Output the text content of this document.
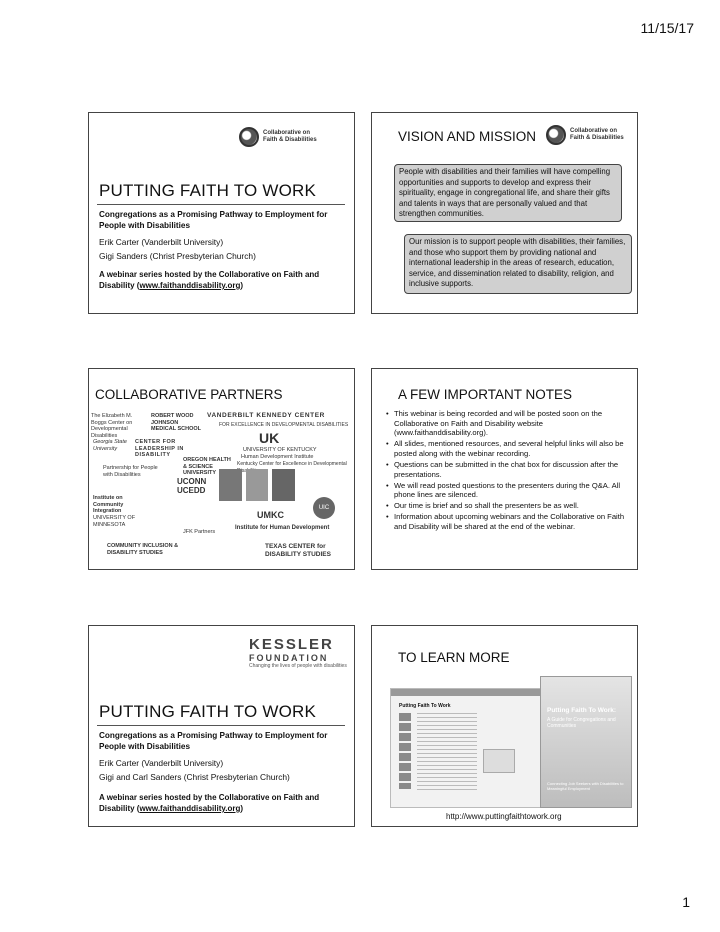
11/15/17
Collaborative on
Faith & Disabilities
PUTTING FAITH TO WORK
Congregations as a Promising Pathway to Employment for People with Disabilities
Erik Carter (Vanderbilt University)
Gigi Sanders (Christ Presbyterian Church)
A webinar series hosted by the Collaborative on Faith and Disability (www.faithanddisability.org)
VISION AND MISSION	Collaborative on
Faith & Disabilities
People with disabilities and their families will have compelling opportunities and supports to develop and express their spirituality, engage in congregational life, and share their gifts and talents in ways that are personally valued and that strengthen communities.
Our mission is to support people with disabilities, their families, and those who support them by providing national and international leadership in the areas of research, education, service, and dissemination related to disability, religion, and inclusive supports.
COLLABORATIVE PARTNERS
The Elizabeth M. Boggs Center on Developmental Disabilities
ROBERT WOOD JOHNSON MEDICAL SCHOOL
VANDERBILT KENNEDY CENTER
FOR EXCELLENCE IN DEVELOPMENTAL DISABILITIES
Georgia State University
CENTER FOR LEADERSHIP IN DISABILITY
UK
UNIVERSITY OF KENTUCKY
Human Development Institute
Kentucky Center for Excellence in Developmental
Partnership for People with Disabilities
OREGON HEALTH & SCIENCE UNIVERSITY
Institute on Community Integration
UNIVERSITY OF MINNESOTA
UCONN UCEDD
UMKC
UIC
JFK Partners
Institute for Human Development
COMMUNITY INCLUSION & DISABILITY STUDIES
TEXAS CENTER for DISABILITY STUDIES
A FEW IMPORTANT NOTES
• This webinar is being recorded and will be posted soon on the Collaborative on Faith and Disability website (www.faithanddisability.org).
• All slides, mentioned resources, and several helpful links will also be posted along with the webinar recording.
• Questions can be submitted in the chat box for discussion after the presentations.
• We will read posted questions to the presenters during the Q&A. All phone lines are silenced.
• Our time is brief and so shall the presenters be as well.
• Information about upcoming webinars and the Collaborative on Faith and Disability will be shared at the end of the webinar.
KESSLER
FOUNDATION
Changing the lives of people with disabilities
PUTTING FAITH TO WORK
Congregations as a Promising Pathway to Employment for People with Disabilities
Erik Carter (Vanderbilt University)
Gigi and Carl Sanders (Christ Presbyterian Church)
A webinar series hosted by the Collaborative on Faith and Disability (www.faithanddisability.org)
TO LEARN MORE
Putting Faith To Work
Putting Faith To Work:
A Guide for Congregations and Communities
Connecting Job Seekers with Disabilities to Meaningful Employment
http://www.puttingfaithtowork.org
1
